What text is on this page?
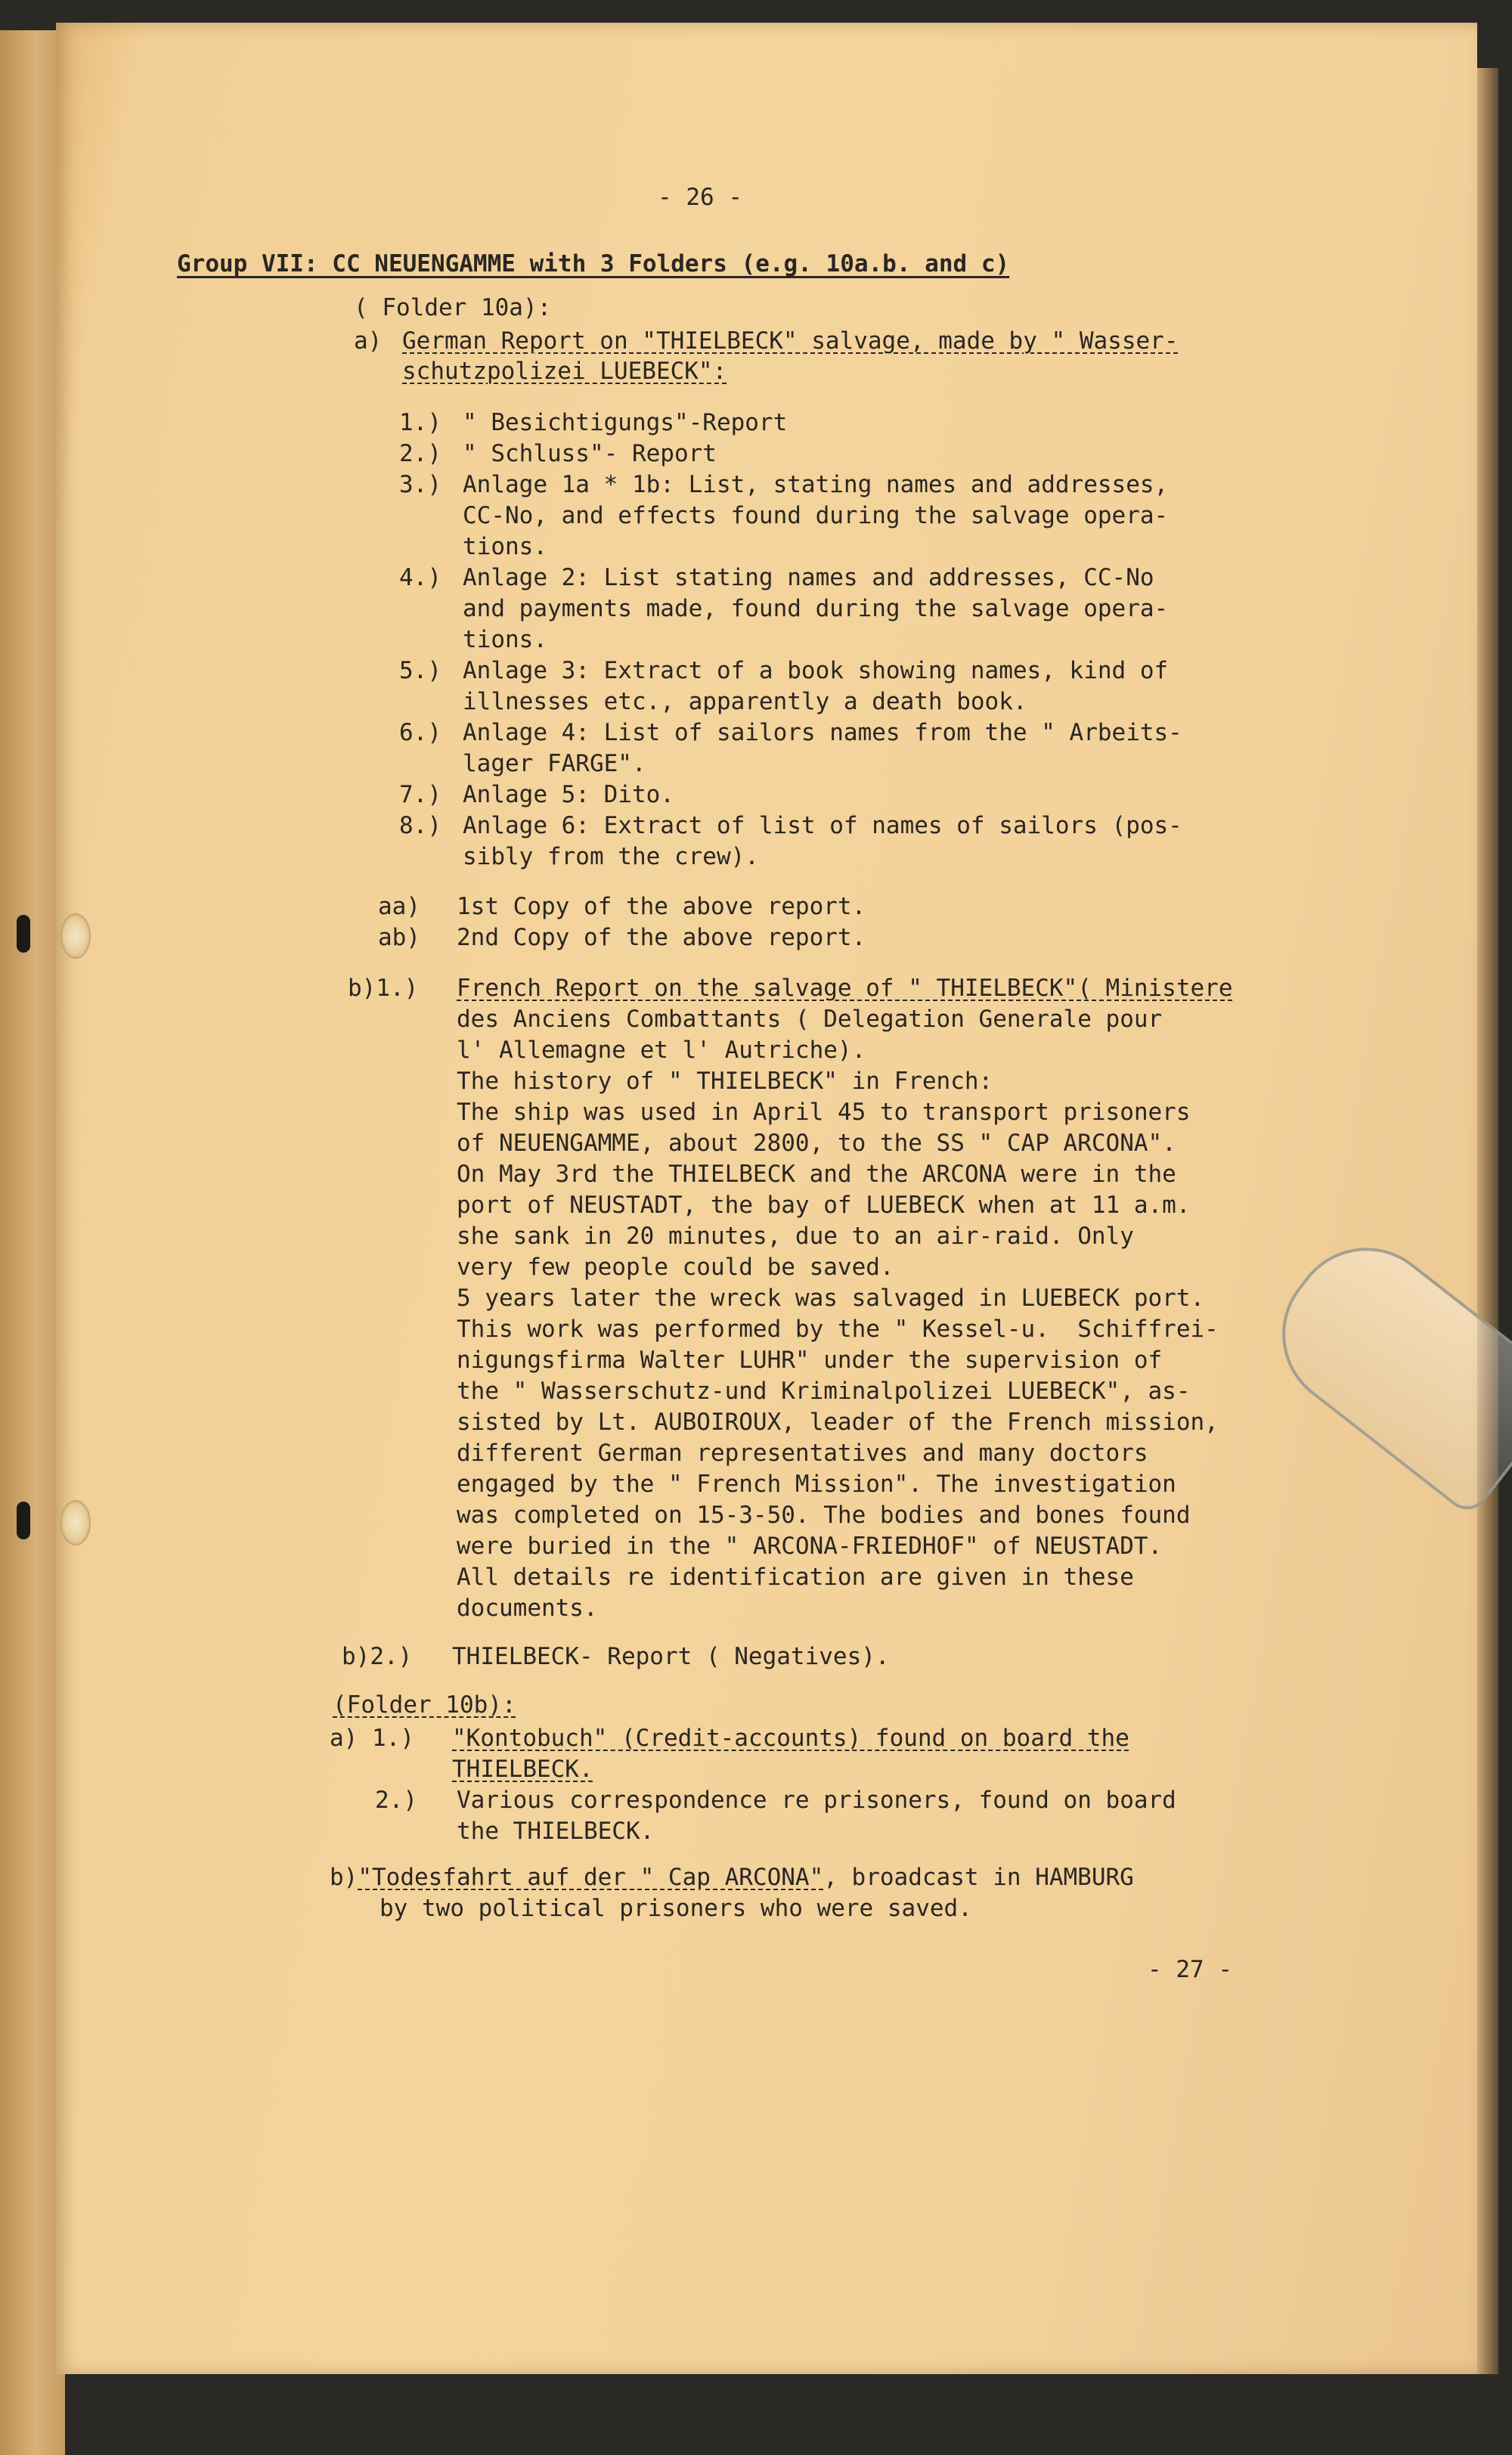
- 26 -
Group VII: CC NEUENGAMME with 3 Folders (e.g. 10a.b. and c)
( Folder 10a):
a) German Report on "THIELBECK" salvage, made by " Wasser-
schutzpolizei LUEBECK":
1.) " Besichtigungs"-Report
2.) " Schluss"- Report
3.) Anlage 1a * 1b: List, stating names and addresses,
CC-No, and effects found during the salvage opera-
tions.
4.) Anlage 2: List stating names and addresses, CC-No
and payments made, found during the salvage opera-
tions.
5.) Anlage 3: Extract of a book showing names, kind of
illnesses etc., apparently a death book.
6.) Anlage 4: List of sailors names from the " Arbeits-
lager FARGE".
7.) Anlage 5: Dito.
8.) Anlage 6: Extract of list of names of sailors (pos-
sibly from the crew).
aa) 1st Copy of the above report.
ab) 2nd Copy of the above report.
b)1.) French Report on the salvage of " THIELBECK"( Ministere
des Anciens Combattants ( Delegation Generale pour
l' Allemagne et l' Autriche).
The history of " THIELBECK" in French:
The ship was used in April 45 to transport prisoners
of NEUENGAMME, about 2800, to the SS " CAP ARCONA".
On May 3rd the THIELBECK and the ARCONA were in the
port of NEUSTADT, the bay of LUEBECK when at 11 a.m.
she sank in 20 minutes, due to an air-raid. Only
very few people could be saved.
5 years later the wreck was salvaged in LUEBECK port.
This work was performed by the " Kessel-u.  Schiffrei-
nigungsfirma Walter LUHR" under the supervision of
the " Wasserschutz-und Kriminalpolizei LUEBECK", as-
sisted by Lt. AUBOIROUX, leader of the French mission,
different German representatives and many doctors
engaged by the " French Mission". The investigation
was completed on 15-3-50. The bodies and bones found
were buried in the " ARCONA-FRIEDHOF" of NEUSTADT.
All details re identification are given in these
documents.
b)2.) THIELBECK- Report ( Negatives).
(Folder 10b):
a) 1.) "Kontobuch" (Credit-accounts) found on board the
THIELBECK.
2.) Various correspondence re prisoners, found on board
the THIELBECK.
b)"Todesfahrt auf der " Cap ARCONA", broadcast in HAMBURG
by two political prisoners who were saved.
- 27 -
